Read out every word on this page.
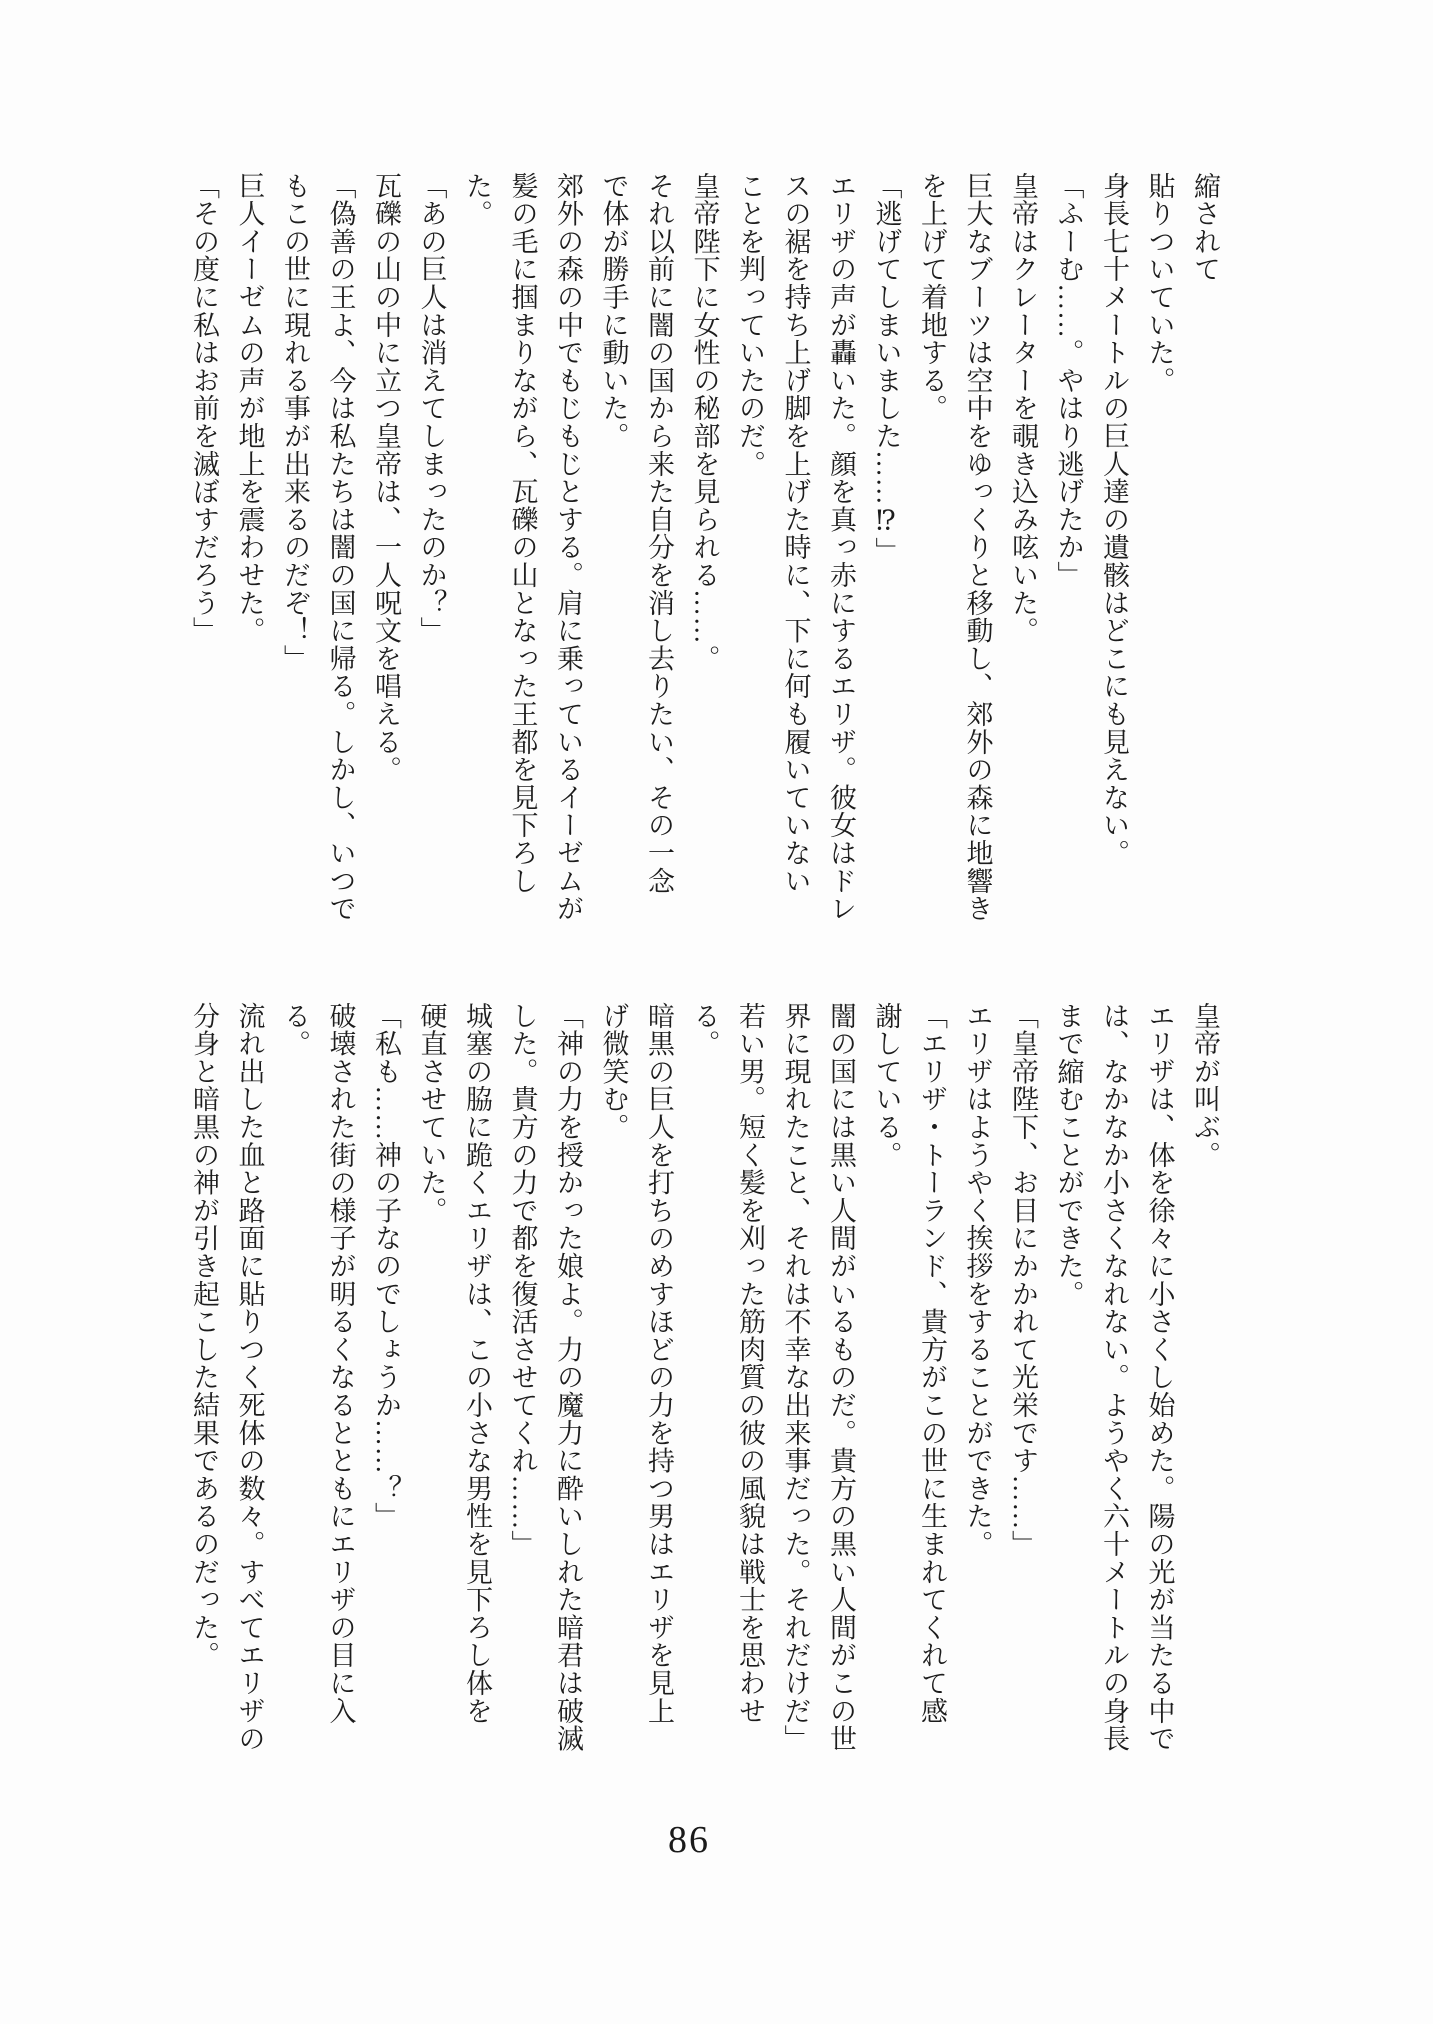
縮されて

貼りついていた。

身長七十メートルの巨人達の遺骸はどこにも見えない。

「ふーむ……。やはり逃げたか」

皇帝はクレーターを覗き込み呟いた。

巨大なブーツは空中をゆっくりと移動し、郊外の森に地響き

を上げて着地する。

「逃げてしまいました……⁉」

エリザの声が轟いた。顔を真っ赤にするエリザ。彼女はドレ

スの裾を持ち上げ脚を上げた時に、下に何も履いていない

ことを判っていたのだ。

皇帝陛下に女性の秘部を見られる……。

それ以前に闇の国から来た自分を消し去りたい、その一念

で体が勝手に動いた。

郊外の森の中でもじもじとする。肩に乗っているイーゼムが

髪の毛に掴まりながら、瓦礫の山となった王都を見下ろし

た。

「あの巨人は消えてしまったのか？」

瓦礫の山の中に立つ皇帝は、一人呪文を唱える。

「偽善の王よ、今は私たちは闇の国に帰る。しかし、いつで

もこの世に現れる事が出来るのだぞ！」

巨人イーゼムの声が地上を震わせた。

「その度に私はお前を滅ぼすだろう」

皇帝が叫ぶ。

エリザは、体を徐々に小さくし始めた。陽の光が当たる中で

は、なかなか小さくなれない。ようやく六十メートルの身長

まで縮むことができた。

「皇帝陛下、お目にかかれて光栄です……」

エリザはようやく挨拶をすることができた。

「エリザ・トーランド、貴方がこの世に生まれてくれて感

謝している。

闇の国には黒い人間がいるものだ。貴方の黒い人間がこの世

界に現れたこと、それは不幸な出来事だった。それだけだ」

若い男。短く髪を刈った筋肉質の彼の風貌は戦士を思わせ

る。

暗黒の巨人を打ちのめすほどの力を持つ男はエリザを見上

げ微笑む。

「神の力を授かった娘よ。力の魔力に酔いしれた暗君は破滅

した。貴方の力で都を復活させてくれ……」

城塞の脇に跪くエリザは、この小さな男性を見下ろし体を

硬直させていた。

「私も……神の子なのでしょうか……？」

破壊された街の様子が明るくなるとともにエリザの目に入

る。

流れ出した血と路面に貼りつく死体の数々。すべてエリザの

分身と暗黒の神が引き起こした結果であるのだった。

86
